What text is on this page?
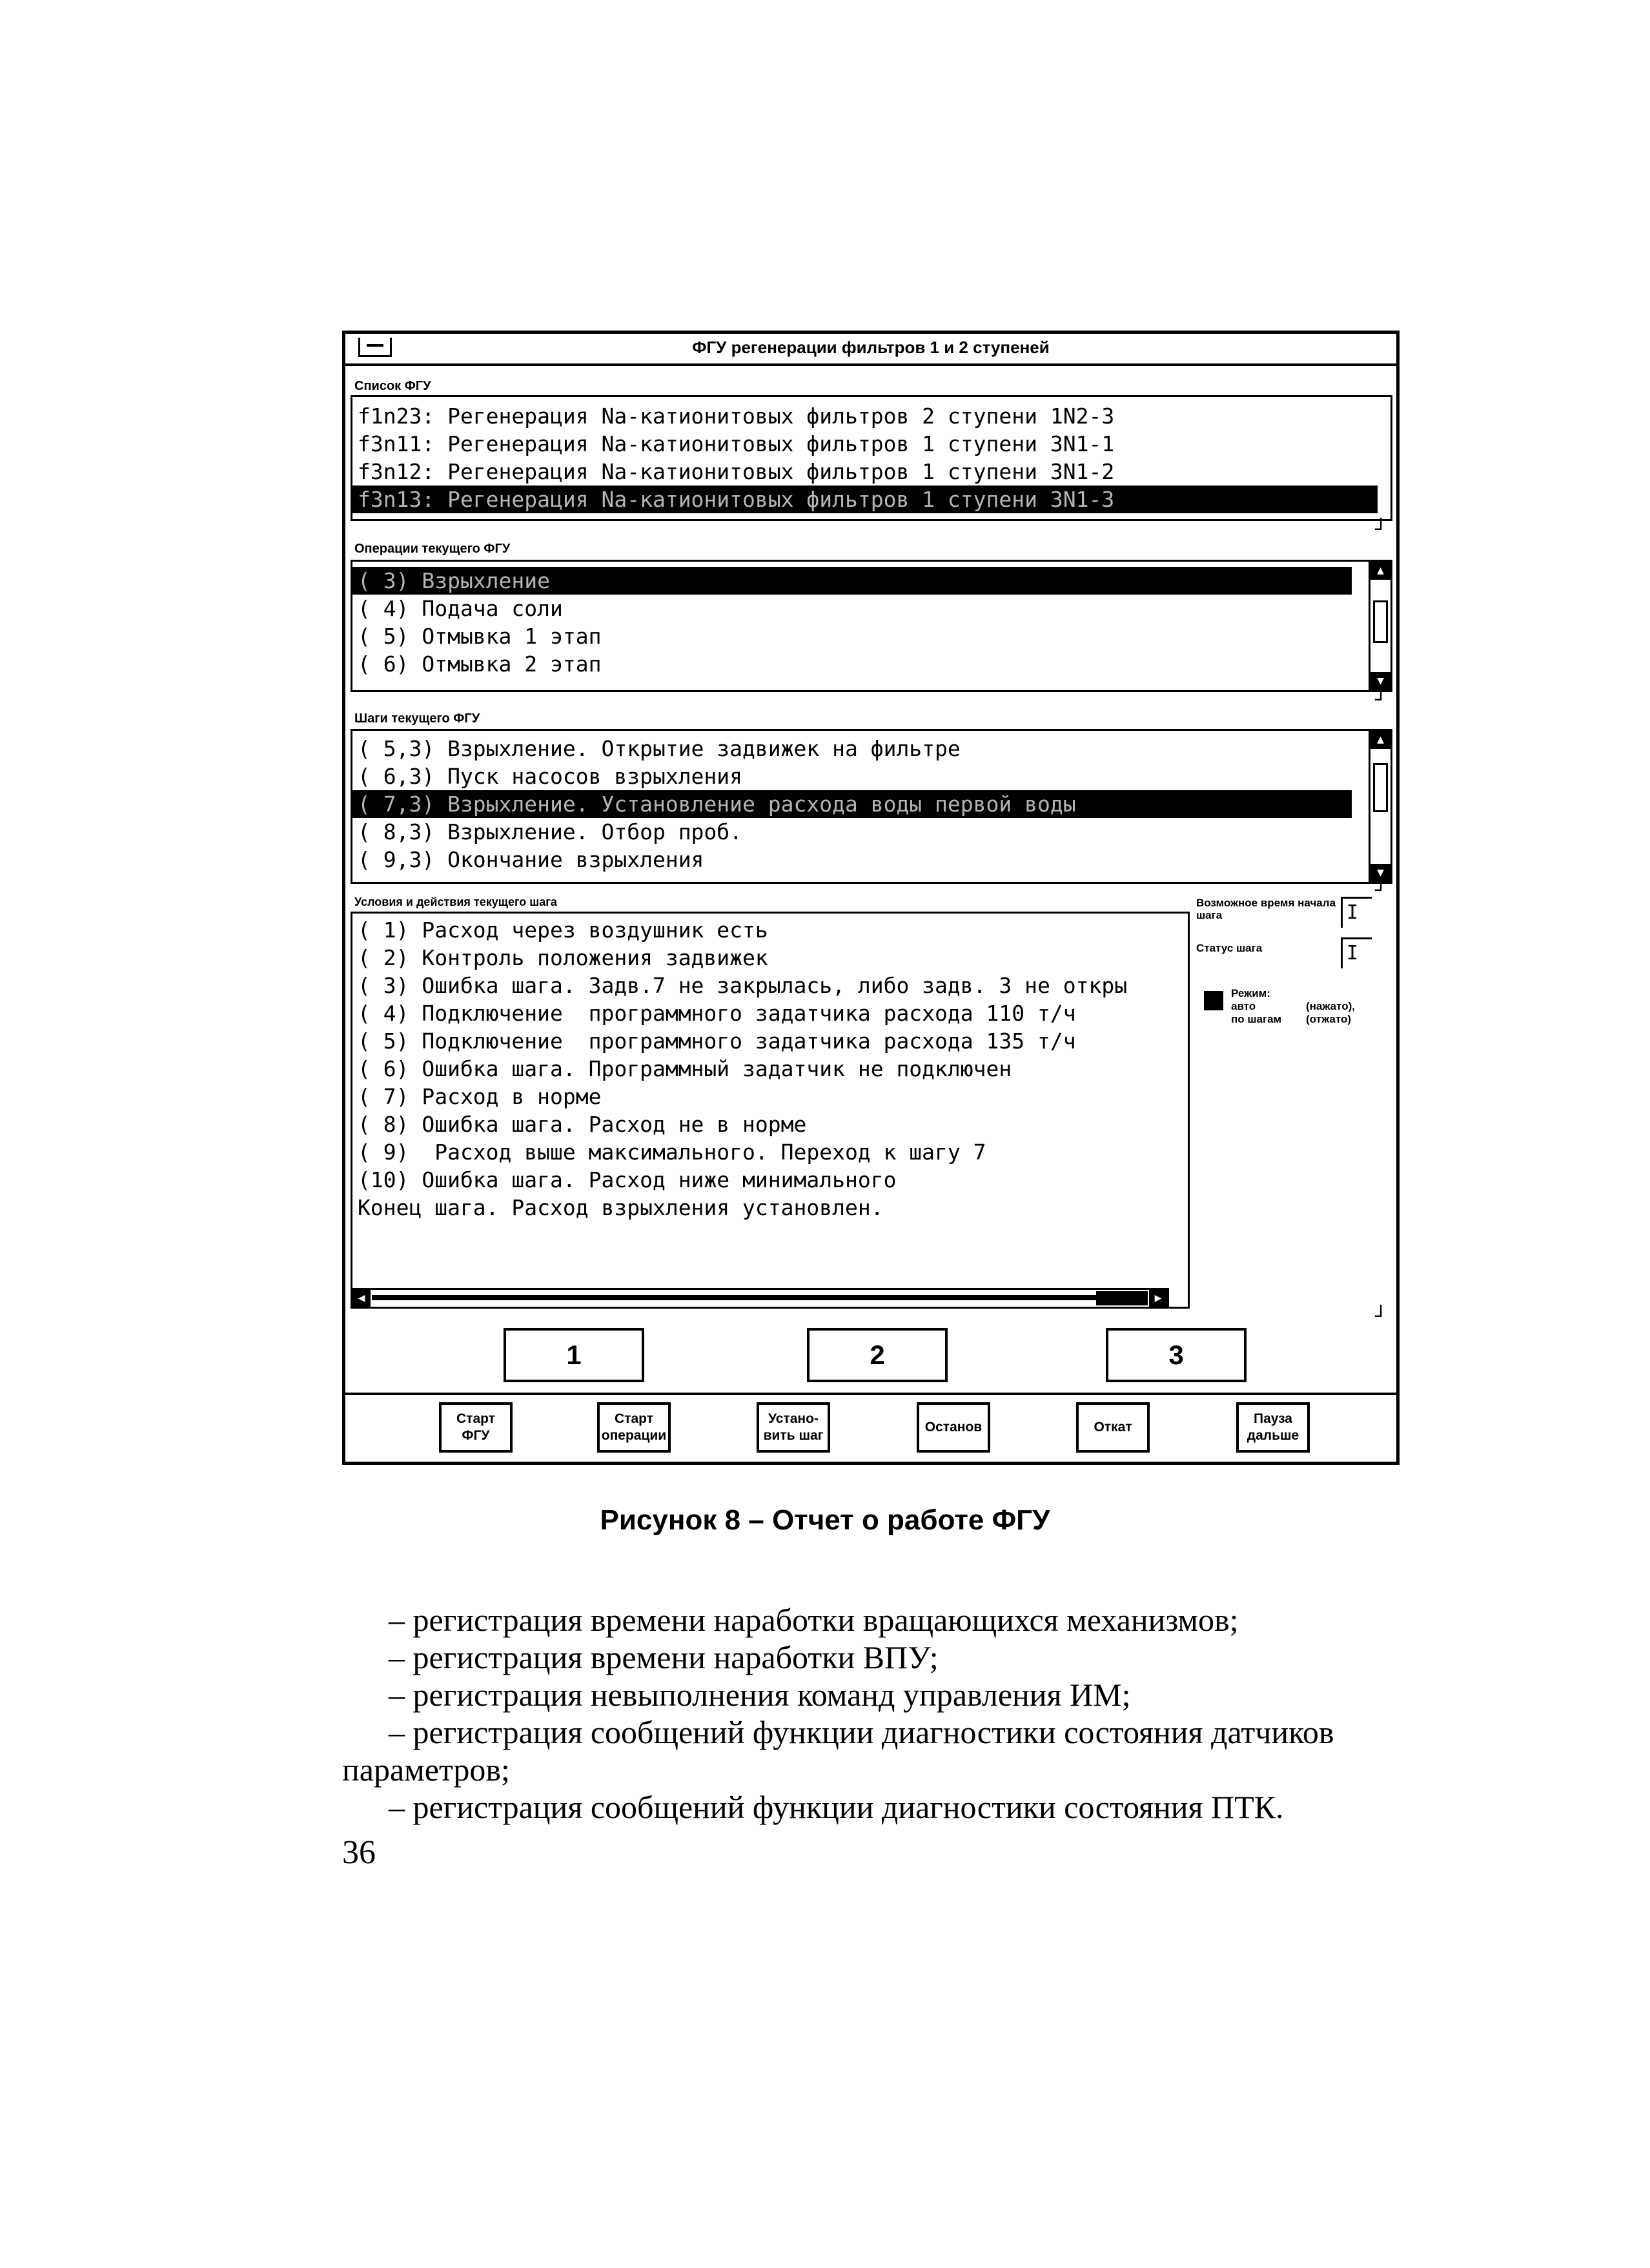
ФГУ регенерации фильтров 1 и 2 ступеней
Список ФГУ
f1n23: Регенерация Na-катионитовых фильтров 2 ступени 1N2-3
f3n11: Регенерация Na-катионитовых фильтров 1 ступени 3N1-1
f3n12: Регенерация Na-катионитовых фильтров 1 ступени 3N1-2
f3n13: Регенерация Na-катионитовых фильтров 1 ступени 3N1-3
┘
Операции текущего ФГУ
( 3) Взрыхление
( 4) Подача соли
( 5) Отмывка 1 этап
( 6) Отмывка 2 этап
▲
▼
┘
Шаги текущего ФГУ
( 5,3) Взрыхление. Открытие задвижек на фильтре
( 6,3) Пуск насосов взрыхления
( 7,3) Взрыхление. Установление расхода воды первой воды
( 8,3) Взрыхление. Отбор проб.
( 9,3) Окончание взрыхления
▲
▼
┘
Условия и действия текущего шага
( 1) Расход через воздушник есть
( 2) Контроль положения задвижек
( 3) Ошибка шага. Задв.7 не закрылась, либо задв. 3 не откры
( 4) Подключение  программного задатчика расхода 110 т/ч
( 5) Подключение  программного задатчика расхода 135 т/ч
( 6) Ошибка шага. Программный задатчик не подключен
( 7) Расход в норме
( 8) Ошибка шага. Расход не в норме
( 9)  Расход выше максимального. Переход к шагу 7
(10) Ошибка шага. Расход ниже минимального
Конец шага. Расход взрыхления установлен.
◀	▶
Возможное время начала шага	I
Статус шага	I
Режим:
авто	(нажато),
по шагам (отжато)
┘
1	2	3
Старт
ФГУ
Старт
операции
Устано-
вить шаг
Останов	Откат
Пауза
дальше
Рисунок 8 – Отчет о работе ФГУ

– регистрация времени наработки вращающихся механизмов;

– регистрация времени наработки ВПУ;

– регистрация невыполнения команд управления ИМ;

– регистрация сообщений функции диагностики состояния датчиков

параметров;

– регистрация сообщений функции диагностики состояния ПТК.

36
